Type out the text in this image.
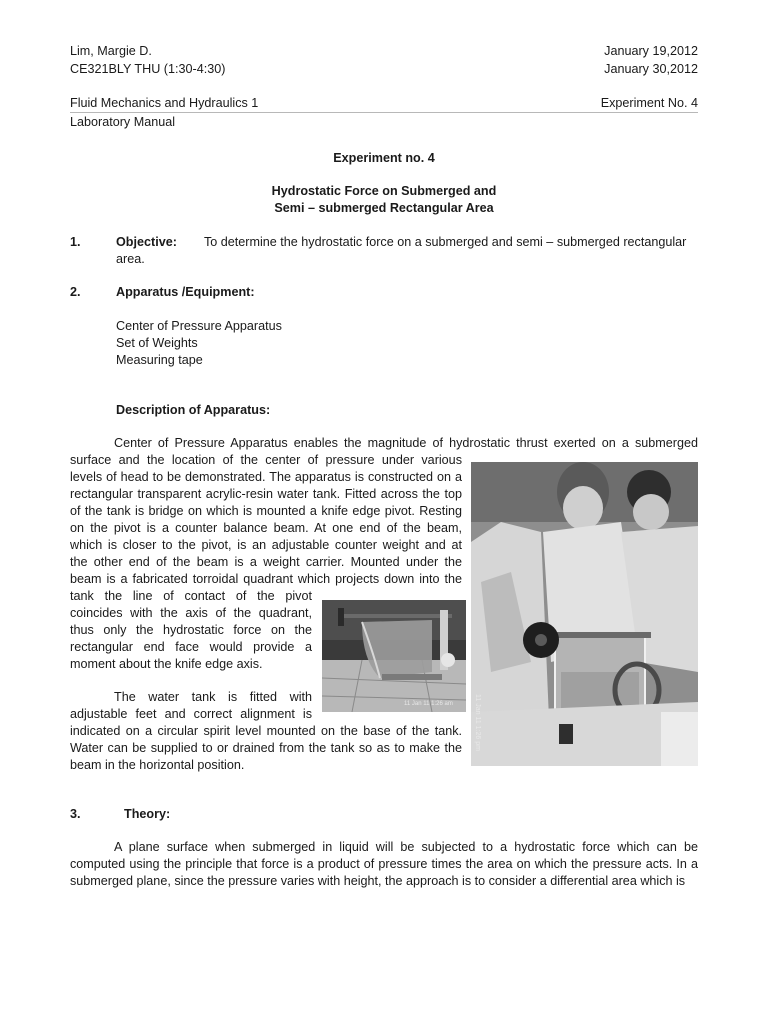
Lim, Margie D.
CE321BLY THU (1:30-4:30)
January 19,2012
January 30,2012
Fluid Mechanics and Hydraulics 1	Experiment No. 4
Laboratory Manual
Experiment no. 4
Hydrostatic Force on Submerged and
Semi – submerged Rectangular Area
1.	Objective: To determine the hydrostatic force on a submerged and semi – submerged rectangular
area.
2.	Apparatus /Equipment:
Center of Pressure Apparatus
Set of Weights
Measuring tape
Description of Apparatus:

Center of Pressure Apparatus enables the magnitude of hydrostatic thrust exerted on a submerged

surface and the location of the center of pressure under various

levels of head to be demonstrated. The apparatus is constructed on a

rectangular transparent acrylic-resin water tank. Fitted across the top

of the tank is bridge on which is mounted a knife edge pivot. Resting

on the pivot is a counter balance beam. At one end of the beam,

which is closer to the pivot, is an adjustable counter weight and at

the other end of the beam is a weight carrier. Mounted under the

beam is a fabricated torroidal quadrant which projects down into the

tank the line of contact of the pivot

coincides with the axis of the quadrant,

thus only the hydrostatic force on the

rectangular end face would provide a

moment about the knife edge axis.

The water tank is fitted with

adjustable feet and correct alignment is

indicated on a circular spirit level mounted on the base of the tank.

Water can be supplied to or drained from the tank so as to make the

beam in the horizontal position.

11 Jan 11 1:26 am	11 Jan 11 1:26 pm
3.	Theory:

A plane surface when submerged in liquid will be subjected to a hydrostatic force which can be

computed using the principle that force is a product of pressure times the area on which the pressure acts. In a

submerged plane, since the pressure varies with height, the approach is to consider a differential area which is
